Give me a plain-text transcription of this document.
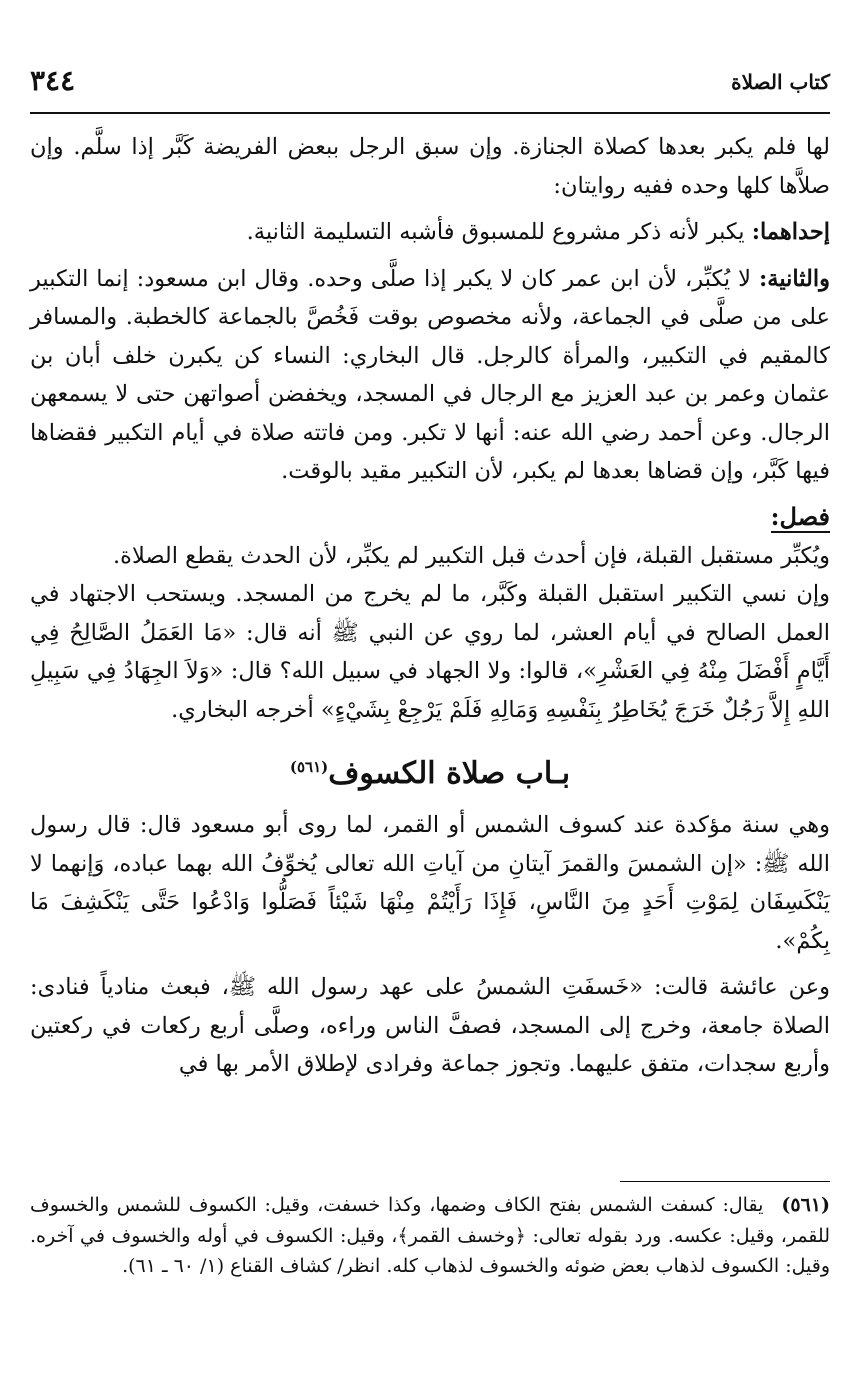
كتاب الصلاة
٣٤٤

لها فلم يكبر بعدها كصلاة الجنازة. وإن سبق الرجل ببعض الفريضة كَبَّر إذا سلَّم. وإن صلاَّها كلها وحده ففيه روايتان:

إحداهما: يكبر لأنه ذكر مشروع للمسبوق فأشبه التسليمة الثانية.

والثانية: لا يُكبِّر، لأن ابن عمر كان لا يكبر إذا صلَّى وحده. وقال ابن مسعود: إنما التكبير على من صلَّى في الجماعة، ولأنه مخصوص بوقت فَخُصَّ بالجماعة كالخطبة. والمسافر كالمقيم في التكبير، والمرأة كالرجل. قال البخاري: النساء كن يكبرن خلف أبان بن عثمان وعمر بن عبد العزيز مع الرجال في المسجد، ويخفضن أصواتهن حتى لا يسمعهن الرجال. وعن أحمد رضي الله عنه: أنها لا تكبر. ومن فاتته صلاة في أيام التكبير فقضاها فيها كَبَّر، وإن قضاها بعدها لم يكبر، لأن التكبير مقيد بالوقت.

فصل:

ويُكبِّر مستقبل القبلة، فإن أحدث قبل التكبير لم يكبِّر، لأن الحدث يقطع الصلاة.

وإن نسي التكبير استقبل القبلة وكَبَّر، ما لم يخرج من المسجد. ويستحب الاجتهاد في العمل الصالح في أيام العشر، لما روي عن النبي ﷺ أنه قال: «مَا العَمَلُ الصَّالِحُ فِي أَيَّامٍ أَفْضَلَ مِنْهُ فِي العَشْرِ»، قالوا: ولا الجهاد في سبيل الله؟ قال: «وَلاَ الجِهَادُ فِي سَبِيلِ اللهِ إِلاَّ رَجُلٌ خَرَجَ يُخَاطِرُ بِنَفْسِهِ وَمَالِهِ فَلَمْ يَرْجِعْ بِشَيْءٍ» أخرجه البخاري.

بـاب صلاة الكسوف$^{(٥٦١)}$

وهي سنة مؤكدة عند كسوف الشمس أو القمر، لما روى أبو مسعود قال: قال رسول الله ﷺ: «إن الشمسَ والقمرَ آيتانِ من آياتِ الله تعالى يُخوِّفُ الله بهما عباده، وَإنهما لا يَنْكَسِفَان لِمَوْتِ أَحَدٍ مِنَ النَّاسِ، فَإِذَا رَأَيْتُمْ مِنْهَا شَيْئاً فَصَلُّوا وَادْعُوا حَتَّى يَنْكَشِفَ مَا بِكُمْ».

وعن عائشة قالت: «خَسفَتِ الشمسُ على عهد رسول الله ﷺ، فبعث منادياً فنادى: الصلاة جامعة، وخرج إلى المسجد، فصفَّ الناس وراءه، وصلَّى أربع ركعات في ركعتين وأربع سجدات، متفق عليهما. وتجوز جماعة وفرادى لإطلاق الأمر بها في

(٥٦١)يقال: كسفت الشمس بفتح الكاف وضمها، وكذا خسفت، وقيل: الكسوف للشمس والخسوف للقمر، وقيل: عكسه. ورد بقوله تعالى: ﴿وخسف القمر﴾، وقيل: الكسوف في أوله والخسوف في آخره. وقيل: الكسوف لذهاب بعض ضوئه والخسوف لذهاب كله. انظر/ كشاف القناع (١/ ٦٠ ـ ٦١).
